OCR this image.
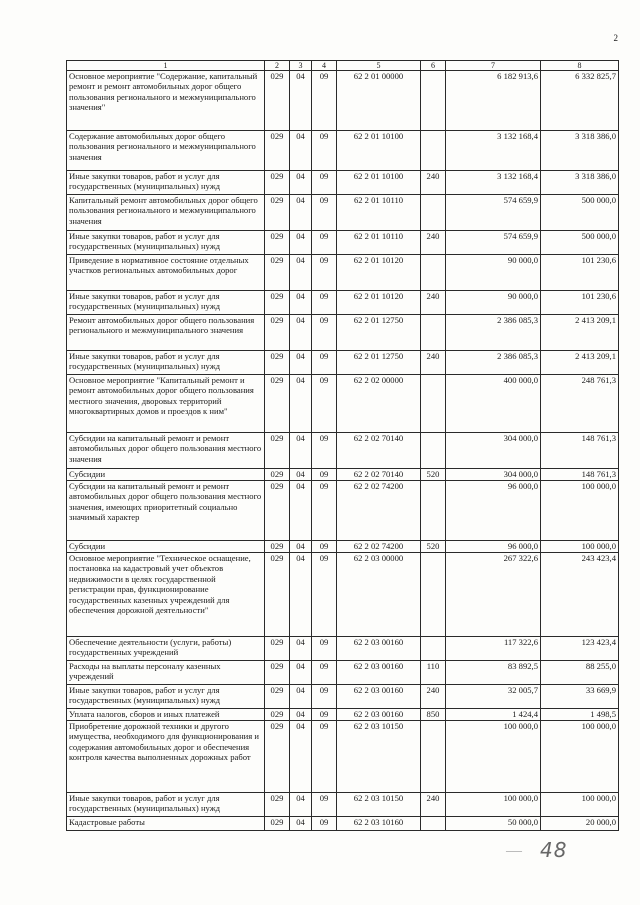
2
1	2	3	4	5	6	7	8
Основное мероприятие "Содержание, капитальный ремонт и ремонт автомобильных дорог общего пользования регионального и межмуниципального значения"	029	04	09	62 2 01 00000		6 182 913,6	6 332 825,7
Содержание автомобильных дорог общего пользования регионального и межмуниципального значения	029	04	09	62 2 01 10100		3 132 168,4	3 318 386,0
Иные закупки товаров, работ и услуг для государственных (муниципальных) нужд	029	04	09	62 2 01 10100	240	3 132 168,4	3 318 386,0
Капитальный ремонт автомобильных дорог общего пользования регионального и межмуниципального значения	029	04	09	62 2 01 10110		574 659,9	500 000,0
Иные закупки товаров, работ и услуг для государственных (муниципальных) нужд	029	04	09	62 2 01 10110	240	574 659,9	500 000,0
Приведение в нормативное состояние отдельных участков региональных автомобильных дорог	029	04	09	62 2 01 10120		90 000,0	101 230,6
Иные закупки товаров, работ и услуг для государственных (муниципальных) нужд	029	04	09	62 2 01 10120	240	90 000,0	101 230,6
Ремонт автомобильных дорог общего пользования регионального и межмуниципального значения	029	04	09	62 2 01 12750		2 386 085,3	2 413 209,1
Иные закупки товаров, работ и услуг для государственных (муниципальных) нужд	029	04	09	62 2 01 12750	240	2 386 085,3	2 413 209,1
Основное мероприятие "Капитальный ремонт и ремонт автомобильных дорог общего пользования местного значения, дворовых территорий многоквартирных домов и проездов к ним"	029	04	09	62 2 02 00000		400 000,0	248 761,3
Субсидии на капитальный ремонт и ремонт автомобильных дорог общего пользования местного значения	029	04	09	62 2 02 70140		304 000,0	148 761,3
Субсидии	029	04	09	62 2 02 70140	520	304 000,0	148 761,3
Субсидии на капитальный ремонт и ремонт автомобильных дорог общего пользования местного значения, имеющих приоритетный социально значимый характер	029	04	09	62 2 02 74200		96 000,0	100 000,0
Субсидии	029	04	09	62 2 02 74200	520	96 000,0	100 000,0
Основное мероприятие "Техническое оснащение, постановка на кадастровый учет объектов недвижимости в целях государственной регистрации прав, функционирование государственных казенных учреждений для обеспечения дорожной деятельности"	029	04	09	62 2 03 00000		267 322,6	243 423,4
Обеспечение деятельности (услуги, работы) государственных учреждений	029	04	09	62 2 03 00160		117 322,6	123 423,4
Расходы на выплаты персоналу казенных учреждений	029	04	09	62 2 03 00160	110	83 892,5	88 255,0
Иные закупки товаров, работ и услуг для государственных (муниципальных) нужд	029	04	09	62 2 03 00160	240	32 005,7	33 669,9
Уплата налогов, сборов и иных платежей	029	04	09	62 2 03 00160	850	1 424,4	1 498,5
Приобретение дорожной техники и другого имущества, необходимого для функционирования и содержания автомобильных дорог и обеспечения контроля качества выполненных дорожных работ	029	04	09	62 2 03 10150		100 000,0	100 000,0
Иные закупки товаров, работ и услуг для государственных (муниципальных) нужд	029	04	09	62 2 03 10150	240	100 000,0	100 000,0
Кадастровые работы	029	04	09	62 2 03 10160		50 000,0	20 000,0
—— 48
